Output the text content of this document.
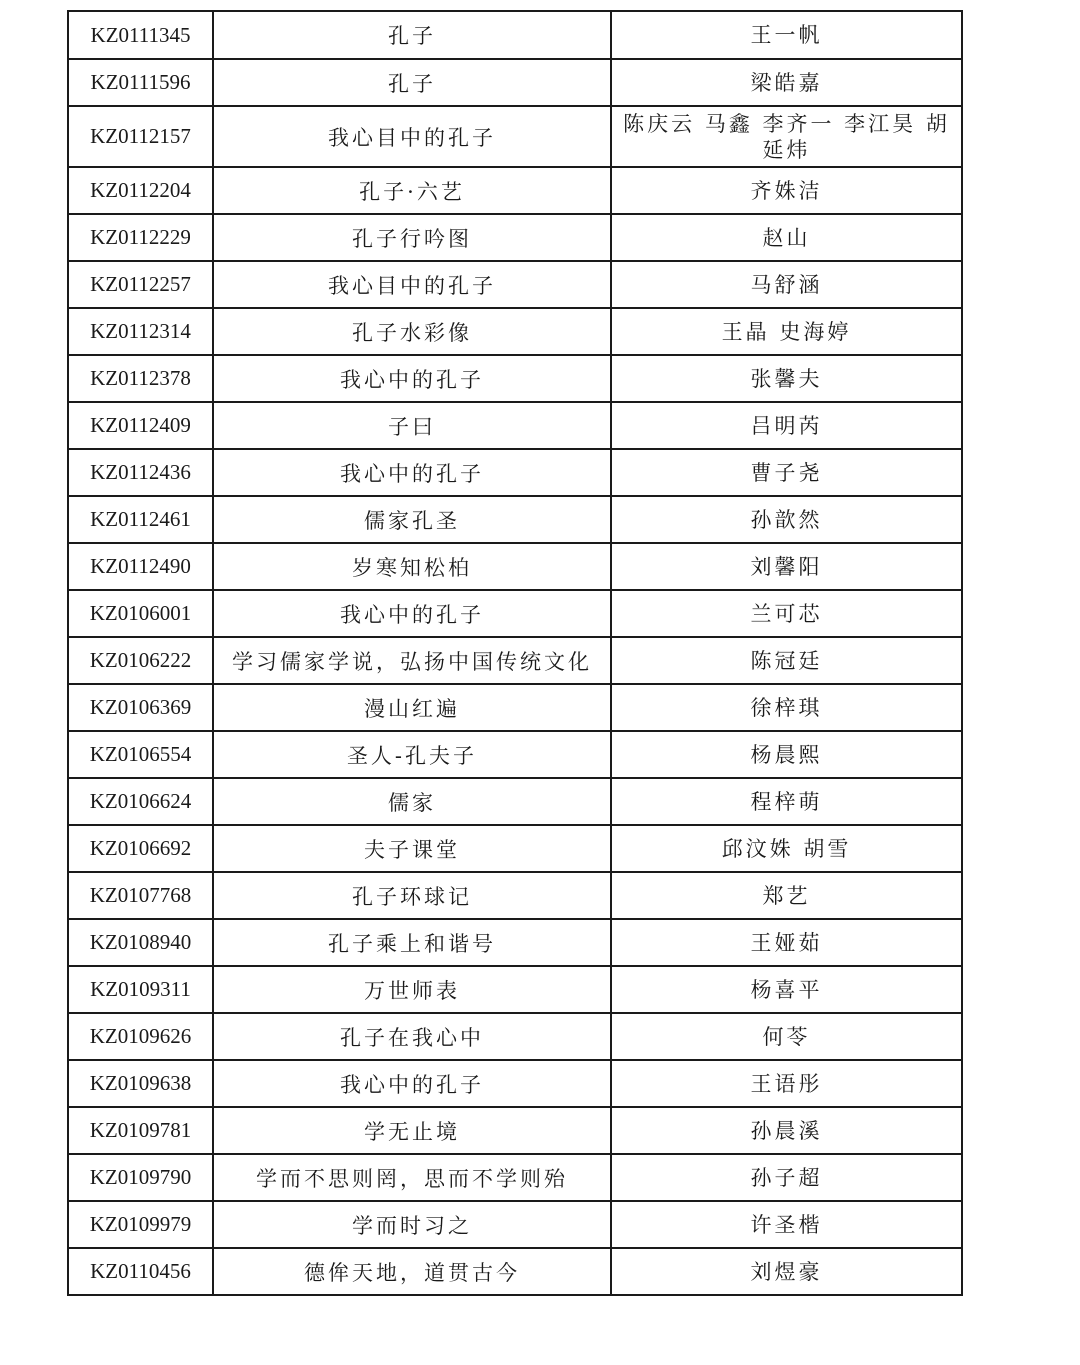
KZ0111345	孔子	王一帆
KZ0111596	孔子	梁皓嘉
KZ0112157	我心目中的孔子	陈庆云 马鑫 李齐一 李江昊 胡延炜
KZ0112204	孔子·六艺	齐姝洁
KZ0112229	孔子行吟图	赵山
KZ0112257	我心目中的孔子	马舒涵
KZ0112314	孔子水彩像	王晶 史海婷
KZ0112378	我心中的孔子	张馨夫
KZ0112409	子曰	吕明芮
KZ0112436	我心中的孔子	曹子尧
KZ0112461	儒家孔圣	孙歆然
KZ0112490	岁寒知松柏	刘馨阳
KZ0106001	我心中的孔子	兰可芯
KZ0106222	学习儒家学说，弘扬中国传统文化	陈冠廷
KZ0106369	漫山红遍	徐梓琪
KZ0106554	圣人-孔夫子	杨晨熙
KZ0106624	儒家	程梓萌
KZ0106692	夫子课堂	邱汶姝 胡雪
KZ0107768	孔子环球记	郑艺
KZ0108940	孔子乘上和谐号	王娅茹
KZ0109311	万世师表	杨喜平
KZ0109626	孔子在我心中	何苓
KZ0109638	我心中的孔子	王语彤
KZ0109781	学无止境	孙晨溪
KZ0109790	学而不思则罔，思而不学则殆	孙子超
KZ0109979	学而时习之	许圣楷
KZ0110456	德侔天地，道贯古今	刘煜豪
